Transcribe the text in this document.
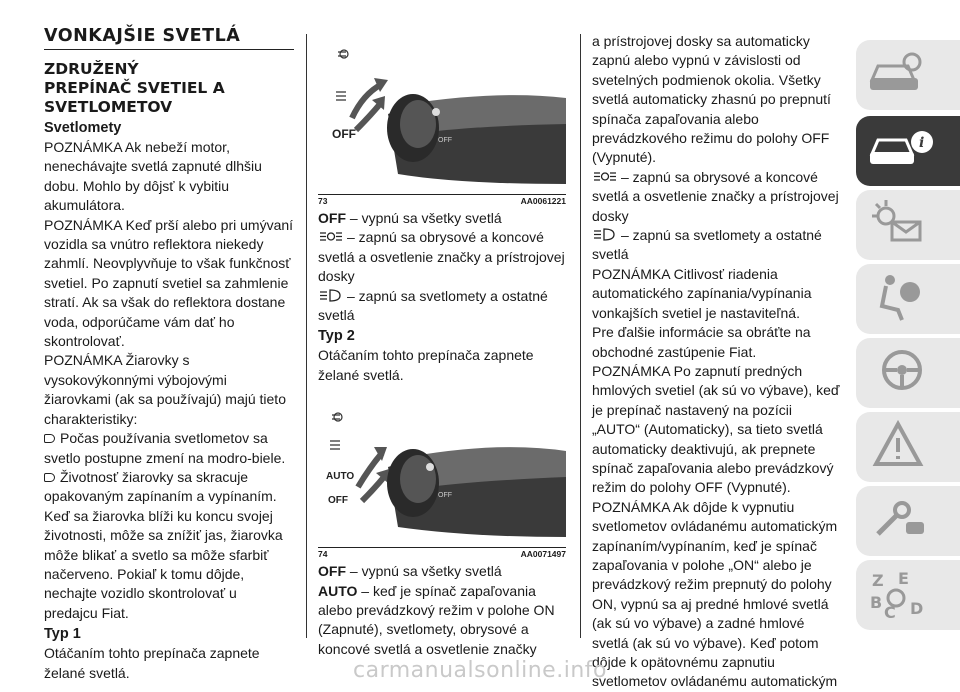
VONKAJŠIE SVETLÁ
ZDRUŽENÝ
PREPÍNAČ SVETIEL A
SVETLOMETOV
Svetlomety

POZNÁMKA Ak nebeží motor, nenechávajte svetlá zapnuté dlhšiu dobu. Mohlo by dôjsť k vybitiu akumulátora.

POZNÁMKA Keď prší alebo pri umývaní vozidla sa vnútro reflektora niekedy zahmlí. Neovplyvňuje to však funkčnosť svetiel. Po zapnutí svetiel sa zahmlenie stratí. Ak sa však do reflektora dostane voda, odporúčame vám dať ho skontrolovať.

POZNÁMKA Žiarovky s vysokovýkonnými výbojovými žiarovkami (ak sa používajú) majú tieto charakteristiky:

Počas používania svetlometov sa svetlo postupne zmení na modro-biele.

Životnosť žiarovky sa skracuje opakovaným zapínaním a vypínaním. Keď sa žiarovka blíži ku koncu svojej životnosti, môže sa znížiť jas, žiarovka môže blikať a svetlo sa môže sfarbiť načerveno. Pokiaľ k tomu dôjde, nechajte vozidlo skontrolovať u predajcu Fiat.

Typ 1

Otáčaním tohto prepínača zapnete želané svetlá.

OFF	OFF
73	AA0061221

OFF – vypnú sa všetky svetlá

– zapnú sa obrysové a koncové svetlá a osvetlenie značky a prístrojovej dosky

– zapnú sa svetlomety a ostatné svetlá

Typ 2

Otáčaním tohto prepínača zapnete želané svetlá.

AUTO
OFF	OFF
74	AA0071497

OFF – vypnú sa všetky svetlá

AUTO – keď je spínač zapaľovania alebo prevádzkový režim v polohe ON (Zapnuté), svetlomety, obrysové a koncové svetlá a osvetlenie značky

a prístrojovej dosky sa automaticky zapnú alebo vypnú v závislosti od svetelných podmienok okolia. Všetky svetlá automaticky zhasnú po prepnutí spínača zapaľovania alebo prevádzkového režimu do polohy OFF (Vypnuté).

– zapnú sa obrysové a koncové svetlá a osvetlenie značky a prístrojovej dosky

– zapnú sa svetlomety a ostatné svetlá

POZNÁMKA Citlivosť riadenia automatického zapínania/vypínania vonkajších svetiel je nastaviteľná.

Pre ďalšie informácie sa obráťte na obchodné zastúpenie Fiat.

POZNÁMKA Po zapnutí predných hmlových svetiel (ak sú vo výbave), keď je prepínač nastavený na pozícii „AUTO“ (Automaticky), sa tieto svetlá automaticky deaktivujú, ak prepnete spínač zapaľovania alebo prevádzkový režim do polohy OFF (Vypnuté).

POZNÁMKA Ak dôjde k vypnutiu svetlometov ovládanému automatickým zapínaním/vypínaním, keď je spínač zapaľovania v polohe „ON“ alebo je prevádzkový režim prepnutý do polohy ON, vypnú sa aj predné hmlové svetlá (ak sú vo výbave) a zadné hmlové svetlá (ak sú vo výbave). Keď potom dôjde k opätovnému zapnutiu svetlometov ovládanému automatickým

i
Z E
B
C D
carmanualsonline.info	47
